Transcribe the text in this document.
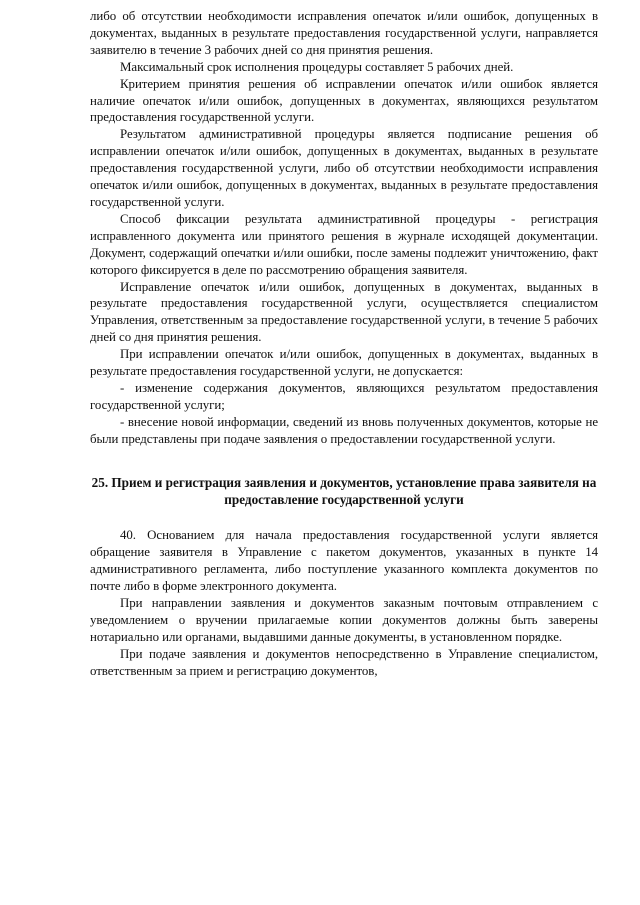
либо об отсутствии необходимости исправления опечаток и/или ошибок, допущенных в документах, выданных в результате предоставления государственной услуги, направляется заявителю в течение 3 рабочих дней со дня принятия решения.

Максимальный срок исполнения процедуры составляет 5 рабочих дней.

Критерием принятия решения об исправлении опечаток и/или ошибок является наличие опечаток и/или ошибок, допущенных в документах, являющихся результатом предоставления государственной услуги.

Результатом административной процедуры является подписание решения об исправлении опечаток и/или ошибок, допущенных в документах, выданных в результате предоставления государственной услуги, либо об отсутствии необходимости исправления опечаток и/или ошибок, допущенных в документах, выданных в результате предоставления государственной услуги.

Способ фиксации результата административной процедуры - регистрация исправленного документа или принятого решения в журнале исходящей документации. Документ, содержащий опечатки и/или ошибки, после замены подлежит уничтожению, факт которого фиксируется в деле по рассмотрению обращения заявителя.

Исправление опечаток и/или ошибок, допущенных в документах, выданных в результате предоставления государственной услуги, осуществляется специалистом Управления, ответственным за предоставление государственной услуги, в течение 5 рабочих дней со дня принятия решения.

При исправлении опечаток и/или ошибок, допущенных в документах, выданных в результате предоставления государственной услуги, не допускается:

- изменение содержания документов, являющихся результатом предоставления государственной услуги;

- внесение новой информации, сведений из вновь полученных документов, которые не были представлены при подаче заявления о предоставлении государственной услуги.

25. Прием и регистрация заявления и документов, установление права заявителя на предоставление государственной услуги

40. Основанием для начала предоставления государственной услуги является обращение заявителя в Управление с пакетом документов, указанных в пункте 14 административного регламента, либо поступление указанного комплекта документов по почте либо в форме электронного документа.

При направлении заявления и документов заказным почтовым отправлением с уведомлением о вручении прилагаемые копии документов должны быть заверены нотариально или органами, выдавшими данные документы, в установленном порядке.

При подаче заявления и документов непосредственно в Управление специалистом, ответственным за прием и регистрацию документов,
